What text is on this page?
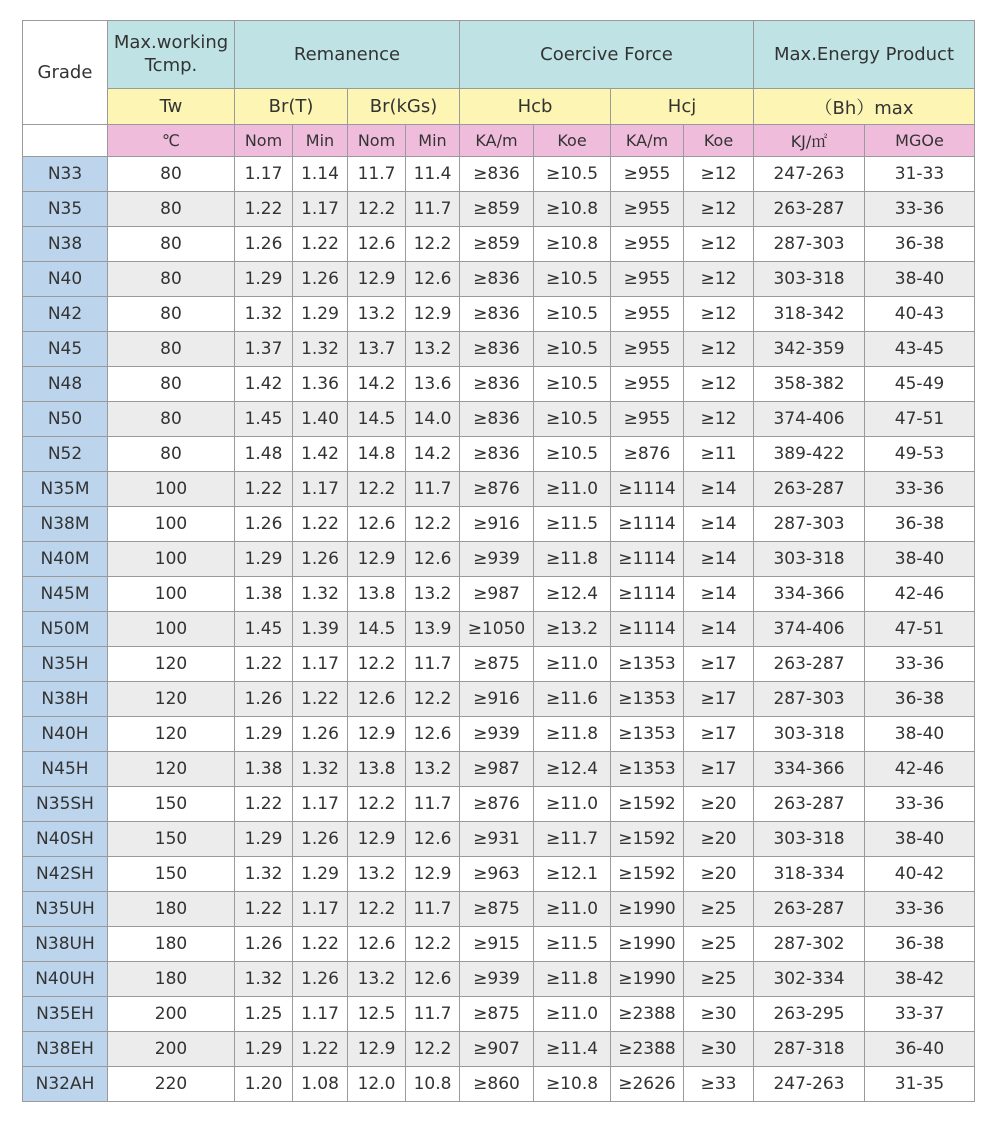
Grade	Max.working Tcmp.	Remanence				Coercive Force				Max.Energy Product	
	Tw	Br(T)		Br(kGs)		Hcb		Hcj		（Bh）max	
	℃	Nom	Min	Nom	Min	KA/m	Koe	KA/m	Koe	KJ/㎡	MGOe
N33	80	1.17	1.14	11.7	11.4	≥836	≥10.5	≥955	≥12	247-263	31-33
N35	80	1.22	1.17	12.2	11.7	≥859	≥10.8	≥955	≥12	263-287	33-36
N38	80	1.26	1.22	12.6	12.2	≥859	≥10.8	≥955	≥12	287-303	36-38
N40	80	1.29	1.26	12.9	12.6	≥836	≥10.5	≥955	≥12	303-318	38-40
N42	80	1.32	1.29	13.2	12.9	≥836	≥10.5	≥955	≥12	318-342	40-43
N45	80	1.37	1.32	13.7	13.2	≥836	≥10.5	≥955	≥12	342-359	43-45
N48	80	1.42	1.36	14.2	13.6	≥836	≥10.5	≥955	≥12	358-382	45-49
N50	80	1.45	1.40	14.5	14.0	≥836	≥10.5	≥955	≥12	374-406	47-51
N52	80	1.48	1.42	14.8	14.2	≥836	≥10.5	≥876	≥11	389-422	49-53
N35M	100	1.22	1.17	12.2	11.7	≥876	≥11.0	≥1114	≥14	263-287	33-36
N38M	100	1.26	1.22	12.6	12.2	≥916	≥11.5	≥1114	≥14	287-303	36-38
N40M	100	1.29	1.26	12.9	12.6	≥939	≥11.8	≥1114	≥14	303-318	38-40
N45M	100	1.38	1.32	13.8	13.2	≥987	≥12.4	≥1114	≥14	334-366	42-46
N50M	100	1.45	1.39	14.5	13.9	≥1050	≥13.2	≥1114	≥14	374-406	47-51
N35H	120	1.22	1.17	12.2	11.7	≥875	≥11.0	≥1353	≥17	263-287	33-36
N38H	120	1.26	1.22	12.6	12.2	≥916	≥11.6	≥1353	≥17	287-303	36-38
N40H	120	1.29	1.26	12.9	12.6	≥939	≥11.8	≥1353	≥17	303-318	38-40
N45H	120	1.38	1.32	13.8	13.2	≥987	≥12.4	≥1353	≥17	334-366	42-46
N35SH	150	1.22	1.17	12.2	11.7	≥876	≥11.0	≥1592	≥20	263-287	33-36
N40SH	150	1.29	1.26	12.9	12.6	≥931	≥11.7	≥1592	≥20	303-318	38-40
N42SH	150	1.32	1.29	13.2	12.9	≥963	≥12.1	≥1592	≥20	318-334	40-42
N35UH	180	1.22	1.17	12.2	11.7	≥875	≥11.0	≥1990	≥25	263-287	33-36
N38UH	180	1.26	1.22	12.6	12.2	≥915	≥11.5	≥1990	≥25	287-302	36-38
N40UH	180	1.32	1.26	13.2	12.6	≥939	≥11.8	≥1990	≥25	302-334	38-42
N35EH	200	1.25	1.17	12.5	11.7	≥875	≥11.0	≥2388	≥30	263-295	33-37
N38EH	200	1.29	1.22	12.9	12.2	≥907	≥11.4	≥2388	≥30	287-318	36-40
N32AH	220	1.20	1.08	12.0	10.8	≥860	≥10.8	≥2626	≥33	247-263	31-35
